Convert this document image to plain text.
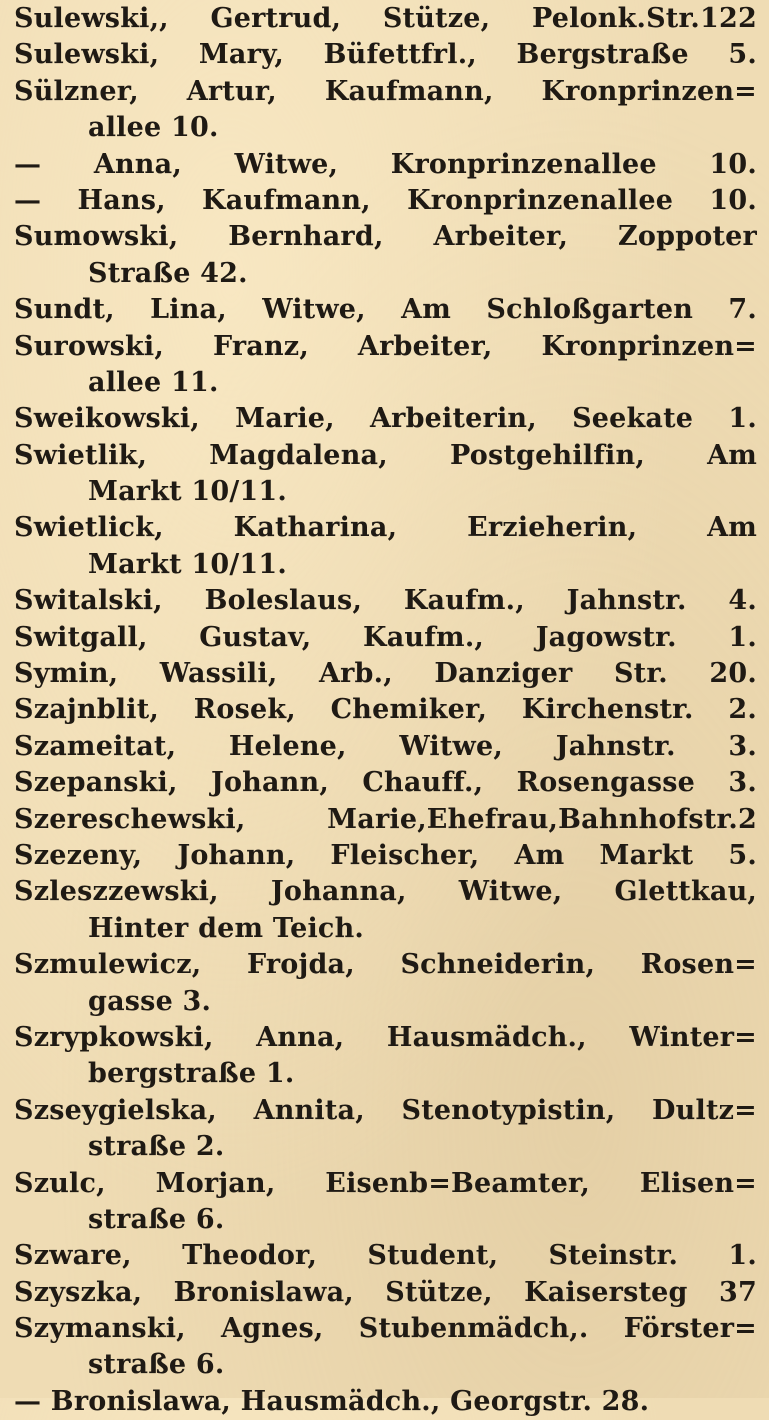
Sulewski,, Gertrud, Stütze, Pelonk.Str.122
Sulewski, Mary, Büfettfrl., Bergstraße 5.
Sülzner, Artur, Kaufmann, Kronprinzen=
allee 10.
— Anna, Witwe, Kronprinzenallee 10.
— Hans, Kaufmann, Kronprinzenallee 10.
Sumowski, Bernhard, Arbeiter, Zoppoter
Straße 42.
Sundt, Lina, Witwe, Am Schloßgarten 7.
Surowski, Franz, Arbeiter, Kronprinzen=
allee 11.
Sweikowski, Marie, Arbeiterin, Seekate 1.
Swietlik, Magdalena, Postgehilfin, Am
Markt 10/11.
Swietlick, Katharina, Erzieherin, Am
Markt 10/11.
Switalski, Boleslaus, Kaufm., Jahnstr. 4.
Switgall, Gustav, Kaufm., Jagowstr. 1.
Symin, Wassili, Arb., Danziger Str. 20.
Szajnblit, Rosek, Chemiker, Kirchenstr. 2.
Szameitat, Helene, Witwe, Jahnstr. 3.
Szepanski, Johann, Chauff., Rosengasse 3.
Szereschewski, Marie,Ehefrau,Bahnhofstr.2
Szezeny, Johann, Fleischer, Am Markt 5.
Szleszzewski, Johanna, Witwe, Glettkau,
Hinter dem Teich.
Szmulewicz, Frojda, Schneiderin, Rosen=
gasse 3.
Szrypkowski, Anna, Hausmädch., Winter=
bergstraße 1.
Szseygielska, Annita, Stenotypistin, Dultz=
straße 2.
Szulc, Morjan, Eisenb=Beamter, Elisen=
straße 6.
Szware, Theodor, Student, Steinstr. 1.
Szyszka, Bronislawa, Stütze, Kaisersteg 37
Szymanski, Agnes, Stubenmädch,. Förster=
straße 6.
— Bronislawa, Hausmädch., Georgstr. 28.
